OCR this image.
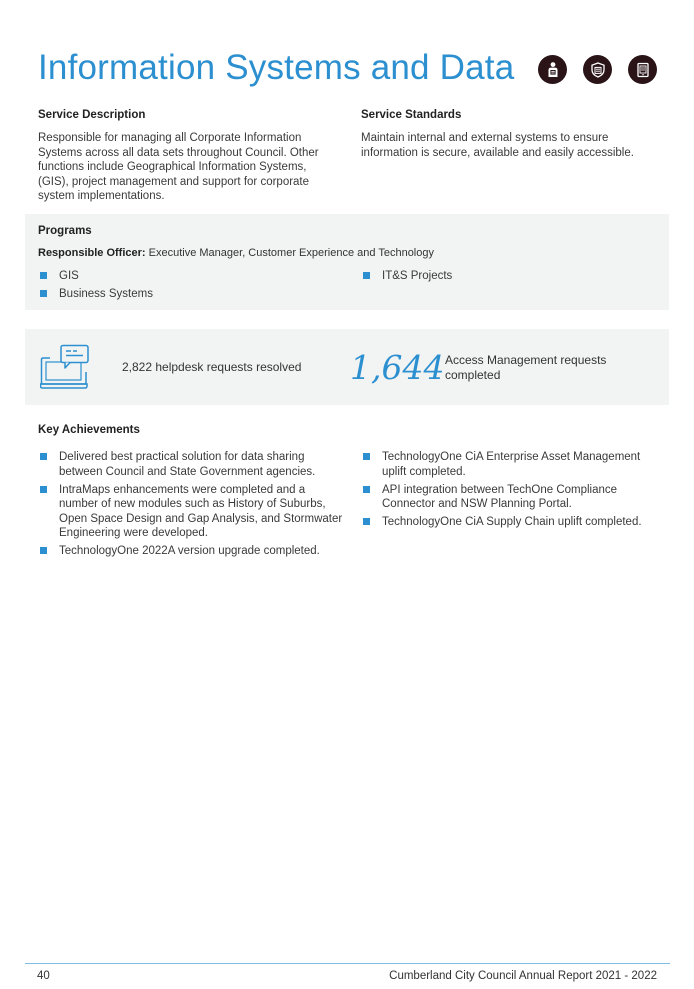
Information Systems and Data
Service Description

Responsible for managing all Corporate Information Systems across all data sets throughout Council. Other functions include Geographical Information Systems, (GIS), project management and support for corporate system implementations.

Service Standards

Maintain internal and external systems to ensure information is secure, available and easily accessible.

Programs
Responsible Officer: Executive Manager, Customer Experience and Technology
GIS
Business Systems
IT&S Projects
2,822 helpdesk requests resolved 1,644 Access Management requests completed
Key Achievements
Delivered best practical solution for data sharing between Council and State Government agencies.
IntraMaps enhancements were completed and a number of new modules such as History of Suburbs, Open Space Design and Gap Analysis, and Stormwater Engineering were developed.
TechnologyOne 2022A version upgrade completed.
TechnologyOne CiA Enterprise Asset Management uplift completed.
API integration between TechOne Compliance Connector and NSW Planning Portal.
TechnologyOne CiA Supply Chain uplift completed.
40	Cumberland City Council Annual Report 2021 - 2022
